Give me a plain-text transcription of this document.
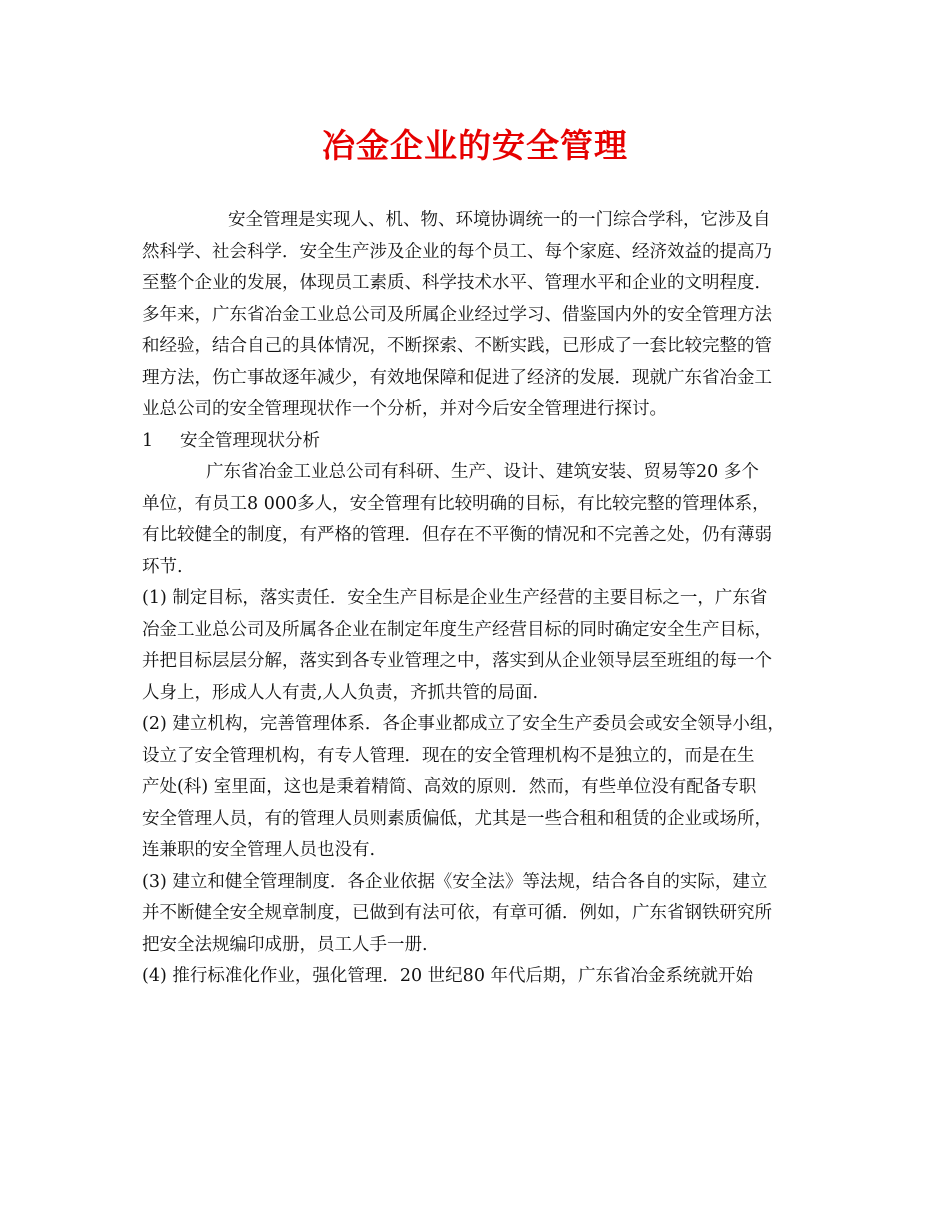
冶金企业的安全管理
安全管理是实现人、机、物、环境协调统一的一门综合学科，它涉及自
然科学、社会科学．安全生产涉及企业的每个员工、每个家庭、经济效益的提高乃
至整个企业的发展，体现员工素质、科学技术水平、管理水平和企业的文明程度．
多年来，广东省冶金工业总公司及所属企业经过学习、借鉴国内外的安全管理方法
和经验，结合自己的具体情况，不断探索、不断实践，已形成了一套比较完整的管
理方法，伤亡事故逐年减少，有效地保障和促进了经济的发展．现就广东省冶金工
业总公司的安全管理现状作一个分析，并对今后安全管理进行探讨。
1 安全管理现状分析
广东省冶金工业总公司有科研、生产、设计、建筑安装、贸易等20 多个
单位，有员工8 000多人，安全管理有比较明确的目标，有比较完整的管理体系，
有比较健全的制度，有严格的管理．但存在不平衡的情况和不完善之处，仍有薄弱
环节.
(1) 制定目标，落实责任．安全生产目标是企业生产经营的主要目标之一，广东省
冶金工业总公司及所属各企业在制定年度生产经营目标的同时确定安全生产目标，
并把目标层层分解，落实到各专业管理之中，落实到从企业领导层至班组的每一个
人身上，形成人人有责,人人负责，齐抓共管的局面.
(2) 建立机构，完善管理体系．各企事业都成立了安全生产委员会或安全领导小组，
设立了安全管理机构，有专人管理．现在的安全管理机构不是独立的，而是在生
产处(科) 室里面，这也是秉着精简、高效的原则．然而，有些单位没有配备专职
安全管理人员，有的管理人员则素质偏低，尤其是一些合租和租赁的企业或场所，
连兼职的安全管理人员也没有.
(3) 建立和健全管理制度．各企业依据《安全法》等法规，结合各自的实际，建立
并不断健全安全规章制度，已做到有法可依，有章可循．例如，广东省钢铁研究所
把安全法规编印成册，员工人手一册.
(4) 推行标准化作业，强化管理．20 世纪80 年代后期，广东省冶金系统就开始
